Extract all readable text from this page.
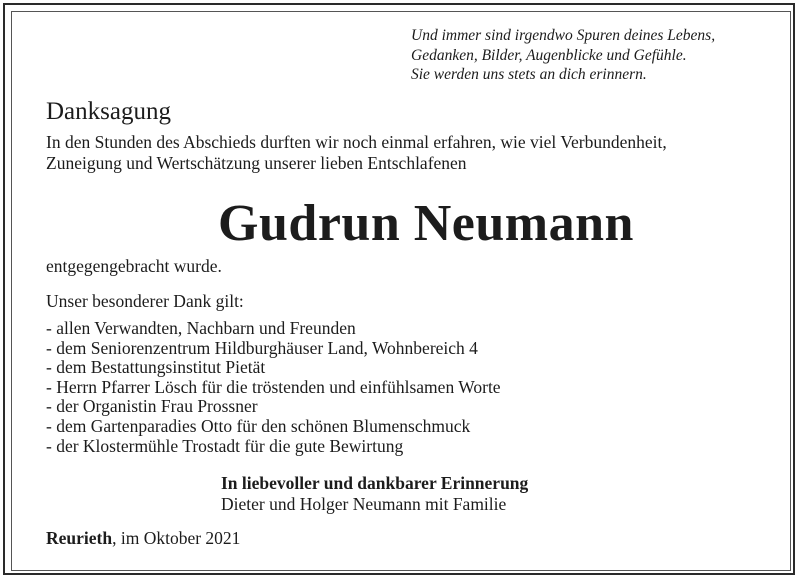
Und immer sind irgendwo Spuren deines Lebens,
Gedanken, Bilder, Augenblicke und Gefühle.
Sie werden uns stets an dich erinnern.
Danksagung
In den Stunden des Abschieds durften wir noch einmal erfahren, wie viel Verbundenheit,
Zuneigung und Wertschätzung unserer lieben Entschlafenen
Gudrun Neumann
entgegengebracht wurde.
Unser besonderer Dank gilt:
- allen Verwandten, Nachbarn und Freunden
- dem Seniorenzentrum Hildburghäuser Land, Wohnbereich 4
- dem Bestattungsinstitut Pietät
- Herrn Pfarrer Lösch für die tröstenden und einfühlsamen Worte
- der Organistin Frau Prossner
- dem Gartenparadies Otto für den schönen Blumenschmuck
- der Klostermühle Trostadt für die gute Bewirtung
In liebevoller und dankbarer Erinnerung
Dieter und Holger Neumann mit Familie
Reurieth, im Oktober 2021
